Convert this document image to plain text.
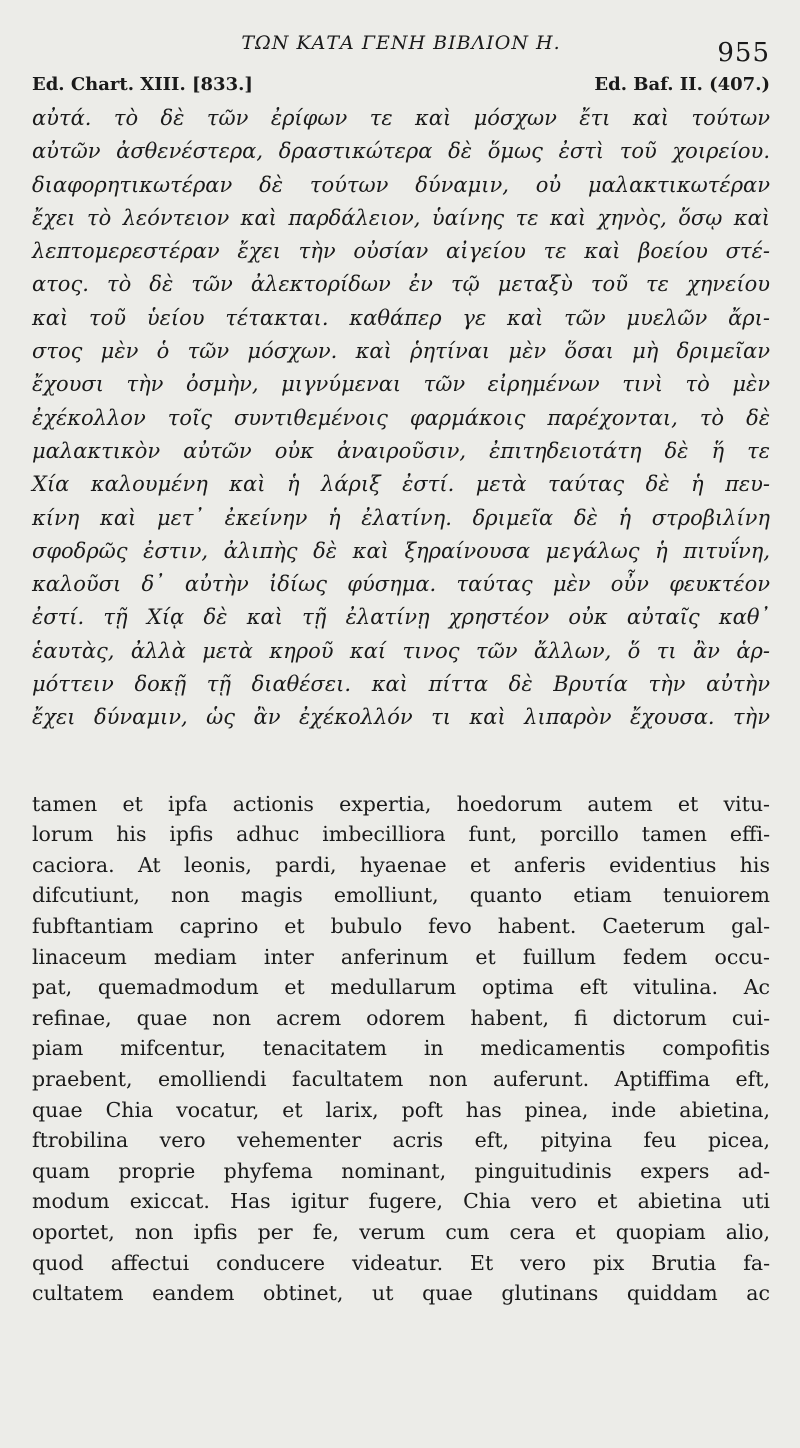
ΤΩΝ ΚΑΤΑ ΓΕΝΗ ΒΙΒΛΙΟΝ Η.	955
Ed. Chart. XIII. [833.]	Ed. Baf. II. (407.)
αὐτά. τὸ δὲ τῶν ἐρίφων τε καὶ μόσχων ἔτι καὶ τούτων
αὐτῶν ἀσθενέστερα, δραστικώτερα δὲ ὅμως ἐστὶ τοῦ χοιρείου.
διαφορητικωτέραν δὲ τούτων δύναμιν, οὐ μαλακτικωτέραν
ἔχει τὸ λεόντειον καὶ παρδάλειον, ὑαίνης τε καὶ χηνὸς, ὅσῳ καὶ
λεπτομερεστέραν ἔχει τὴν οὐσίαν αἰγείου τε καὶ βοείου στέ-
ατος. τὸ δὲ τῶν ἀλεκτορίδων ἐν τῷ μεταξὺ τοῦ τε χηνείου
καὶ τοῦ ὑείου τέτακται. καθάπερ γε καὶ τῶν μυελῶν ἄρι-
στος μὲν ὁ τῶν μόσχων. καὶ ῥητίναι μὲν ὅσαι μὴ δριμεῖαν
ἔχουσι τὴν ὀσμὴν, μιγνύμεναι τῶν εἰρημένων τινὶ τὸ μὲν
ἐχέκολλον τοῖς συντιθεμένοις φαρμάκοις παρέχονται, τὸ δὲ
μαλακτικὸν αὐτῶν οὐκ ἀναιροῦσιν, ἐπιτηδειοτάτη δὲ ἥ τε
Χία καλουμένη καὶ ἡ λάριξ ἐστί. μετὰ ταύτας δὲ ἡ πευ-
κίνη καὶ μετ᾽ ἐκείνην ἡ ἐλατίνη. δριμεῖα δὲ ἡ στροβιλίνη
σφοδρῶς ἐστιν, ἀλιπὴς δὲ καὶ ξηραίνουσα μεγάλως ἡ πιτυΐνη,
καλοῦσι δ᾽ αὐτὴν ἰδίως φύσημα. ταύτας μὲν οὖν φευκτέον
ἐστί. τῇ Χίᾳ δὲ καὶ τῇ ἐλατίνῃ χρηστέον οὐκ αὐταῖς καθ᾽
ἑαυτὰς, ἀλλὰ μετὰ κηροῦ καί τινος τῶν ἄλλων, ὅ τι ἂν ἁρ-
μόττειν δοκῇ τῇ διαθέσει. καὶ πίττα δὲ Βρυτία τὴν αὐτὴν
ἔχει δύναμιν, ὡς ἂν ἐχέκολλόν τι καὶ λιπαρὸν ἔχουσα. τὴν
tamen et ipfa actionis expertia, hoedorum autem et vitu-
lorum his ipfis adhuc imbecilliora funt, porcillo tamen effi-
caciora. At leonis, pardi, hyaenae et anferis evidentius his
difcutiunt, non magis emolliunt, quanto etiam tenuiorem
fubftantiam caprino et bubulo fevo habent. Caeterum gal-
linaceum mediam inter anferinum et fuillum fedem occu-
pat, quemadmodum et medullarum optima eft vitulina. Ac
refinae, quae non acrem odorem habent, fi dictorum cui-
piam mifcentur, tenacitatem in medicamentis compofitis
praebent, emolliendi facultatem non auferunt. Aptiffima eft,
quae Chia vocatur, et larix, poft has pinea, inde abietina,
ftrobilina vero vehementer acris eft, pityina feu picea,
quam proprie phyfema nominant, pinguitudinis expers ad-
modum exiccat. Has igitur fugere, Chia vero et abietina uti
oportet, non ipfis per fe, verum cum cera et quopiam alio,
quod affectui conducere videatur. Et vero pix Brutia fa-
cultatem eandem obtinet, ut quae glutinans quiddam ac
